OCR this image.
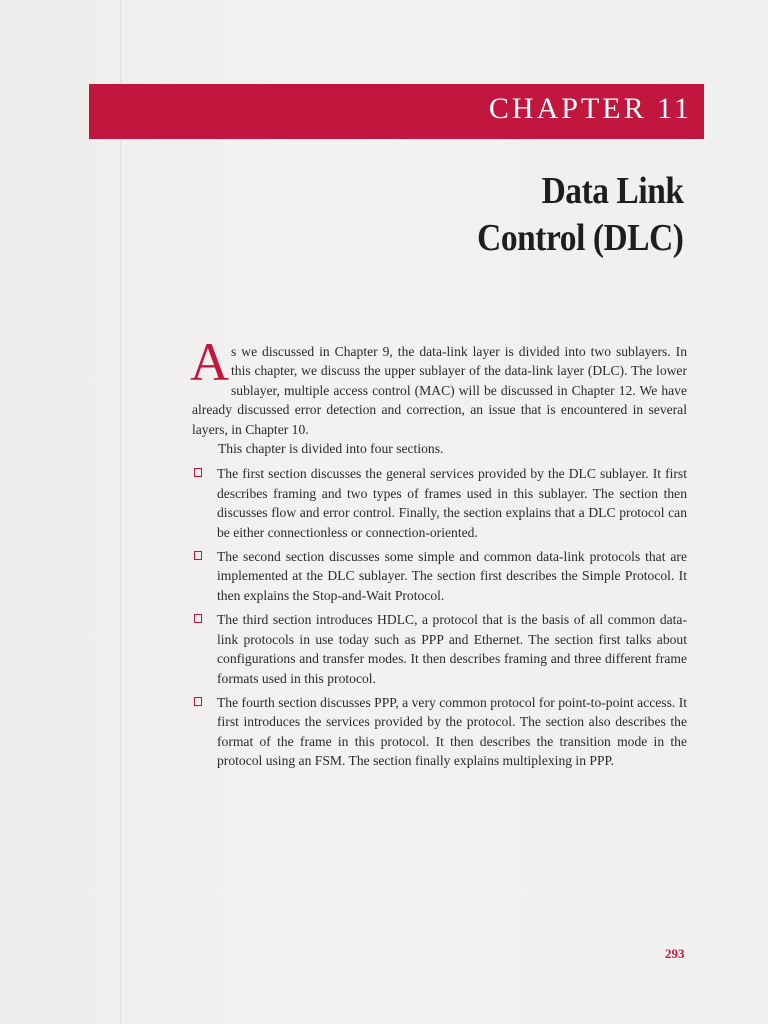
CHAPTER 11
Data Link
Control (DLC)

As we discussed in Chapter 9, the data-link layer is divided into two sublayers. In this chapter, we discuss the upper sublayer of the data-link layer (DLC). The lower sublayer, multiple access control (MAC) will be discussed in Chapter 12. We have already discussed error detection and correction, an issue that is encountered in several layers, in Chapter 10.

This chapter is divided into four sections.

The first section discusses the general services provided by the DLC sublayer. It first describes framing and two types of frames used in this sublayer. The section then discusses flow and error control. Finally, the section explains that a DLC protocol can be either connectionless or connection-oriented.
The second section discusses some simple and common data-link protocols that are implemented at the DLC sublayer. The section first describes the Simple Protocol. It then explains the Stop-and-Wait Protocol.
The third section introduces HDLC, a protocol that is the basis of all common data-link protocols in use today such as PPP and Ethernet. The section first talks about configurations and transfer modes. It then describes framing and three different frame formats used in this protocol.
The fourth section discusses PPP, a very common protocol for point-to-point access. It first introduces the services provided by the protocol. The section also describes the format of the frame in this protocol. It then describes the transition mode in the protocol using an FSM. The section finally explains multiplexing in PPP.
293
